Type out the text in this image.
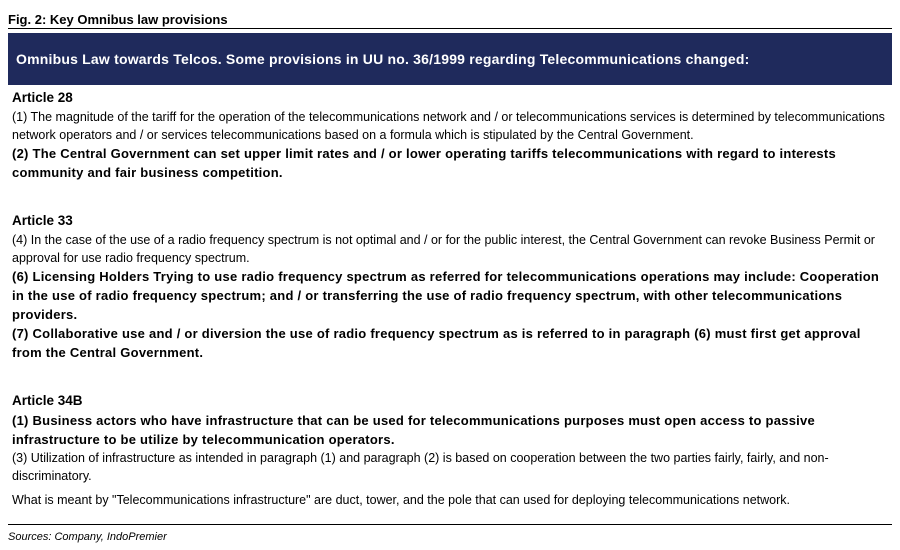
Fig. 2: Key Omnibus law provisions
Omnibus Law towards Telcos. Some provisions in UU no. 36/1999 regarding Telecommunications changed:
Article 28

(1) The magnitude of the tariff for the operation of the telecommunications network and / or telecommunications services is determined by telecommunications network operators and / or services telecommunications based on a formula which is stipulated by the Central Government.

(2) The Central Government can set upper limit rates and / or lower operating tariffs telecommunications with regard to interests community and fair business competition.

Article 33

(4) In the case of the use of a radio frequency spectrum is not optimal and / or for the public interest, the Central Government can revoke Business Permit or approval for use radio frequency spectrum.

(6) Licensing Holders Trying to use radio frequency spectrum as referred for telecommunications operations may include: Cooperation in the use of radio frequency spectrum; and / or transferring the use of radio frequency spectrum, with other telecommunications providers.

(7) Collaborative use and / or diversion the use of radio frequency spectrum as is referred to in paragraph (6) must first get approval from the Central Government.

Article 34B

(1) Business actors who have infrastructure that can be used for telecommunications purposes must open access to passive infrastructure to be utilize by telecommunication operators.

(3) Utilization of infrastructure as intended in paragraph (1) and paragraph (2) is based on cooperation between the two parties fairly, fairly, and non-discriminatory.

What is meant by "Telecommunications infrastructure" are duct, tower, and the pole that can used for deploying telecommunications network.

Sources: Company, IndoPremier
